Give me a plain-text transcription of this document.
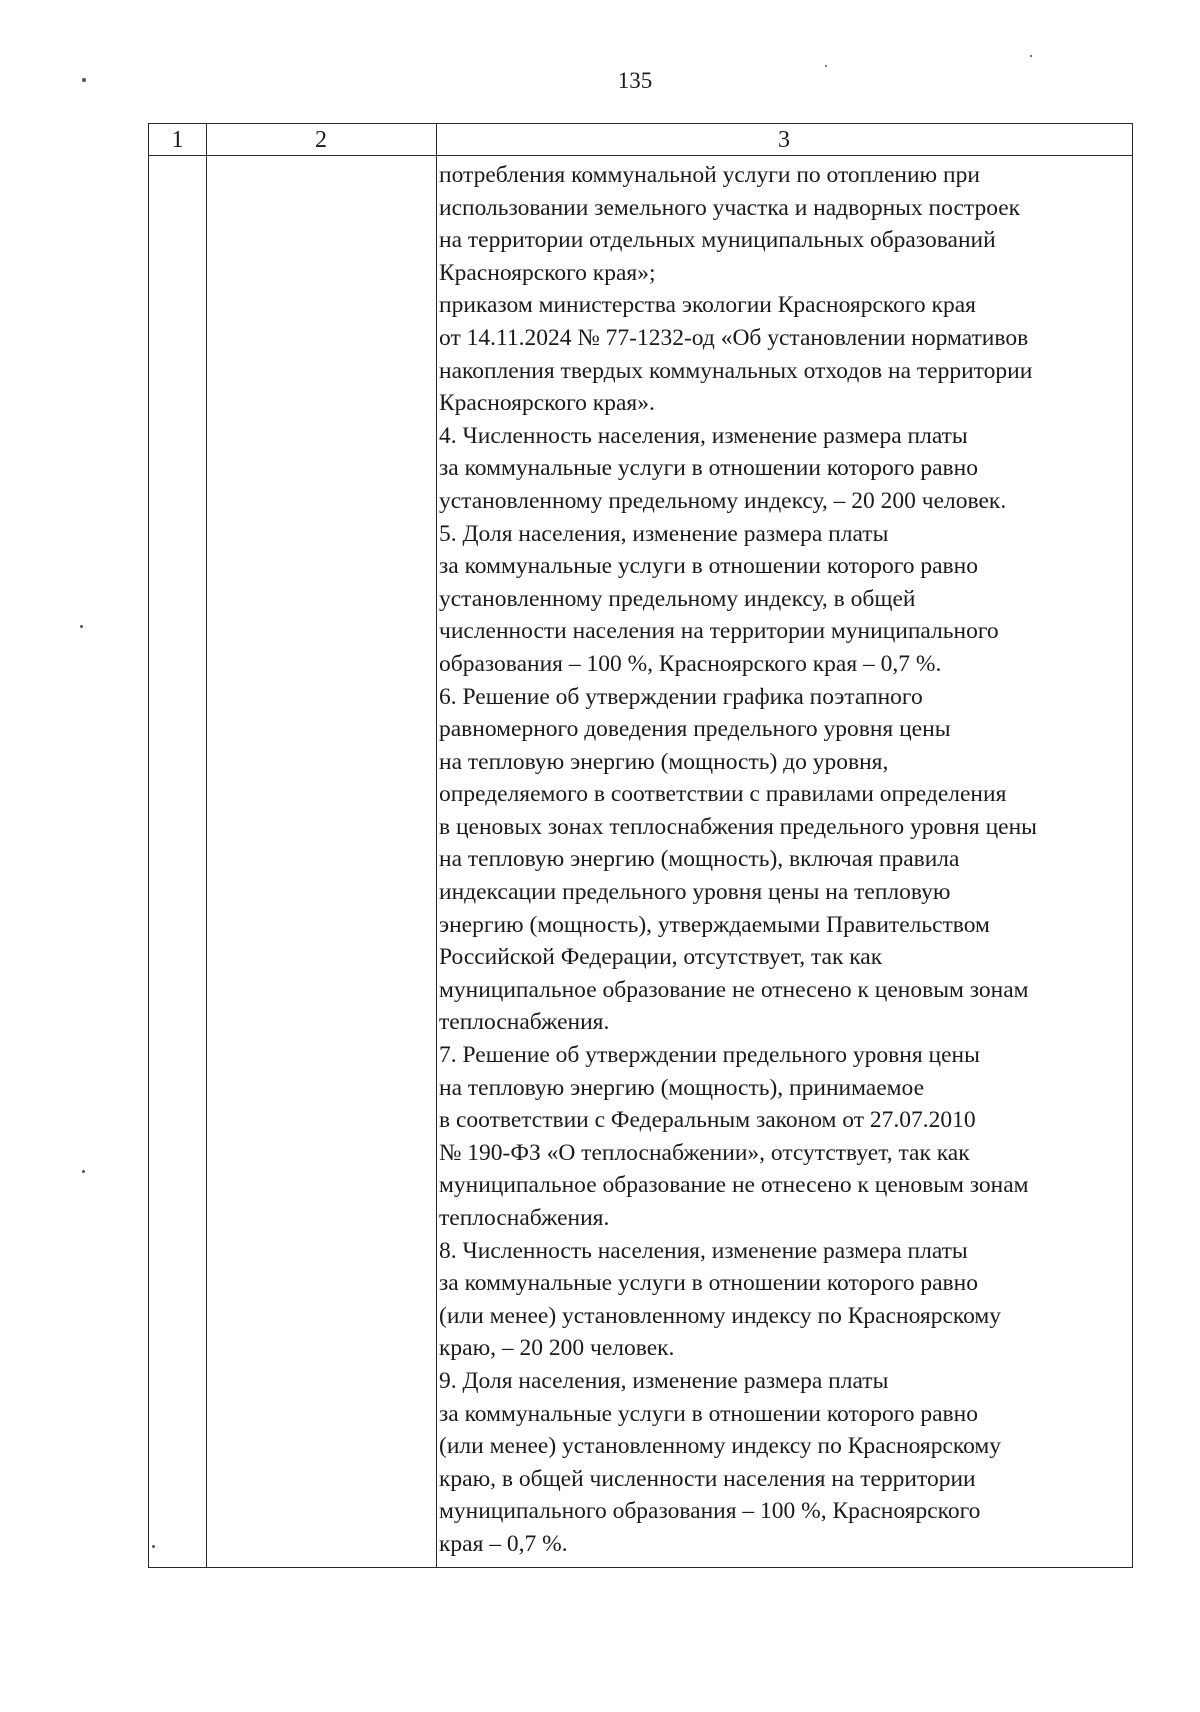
135
1	2	3
потребления коммунальной услуги по отоплению при
использовании земельного участка и надворных построек
на территории отдельных муниципальных образований
Красноярского края»;
приказом министерства экологии Красноярского края
от 14.11.2024 № 77-1232-од «Об установлении нормативов
накопления твердых коммунальных отходов на территории
Красноярского края».
4. Численность населения, изменение размера платы
за коммунальные услуги в отношении которого равно
установленному предельному индексу, – 20 200 человек.
5. Доля населения, изменение размера платы
за коммунальные услуги в отношении которого равно
установленному предельному индексу, в общей
численности населения на территории муниципального
образования – 100 %, Красноярского края – 0,7 %.
6. Решение об утверждении графика поэтапного
равномерного доведения предельного уровня цены
на тепловую энергию (мощность) до уровня,
определяемого в соответствии с правилами определения
в ценовых зонах теплоснабжения предельного уровня цены
на тепловую энергию (мощность), включая правила
индексации предельного уровня цены на тепловую
энергию (мощность), утверждаемыми Правительством
Российской Федерации, отсутствует, так как
муниципальное образование не отнесено к ценовым зонам
теплоснабжения.
7. Решение об утверждении предельного уровня цены
на тепловую энергию (мощность), принимаемое
в соответствии с Федеральным законом от 27.07.2010
№ 190-ФЗ «О теплоснабжении», отсутствует, так как
муниципальное образование не отнесено к ценовым зонам
теплоснабжения.
8. Численность населения, изменение размера платы
за коммунальные услуги в отношении которого равно
(или менее) установленному индексу по Красноярскому
краю, – 20 200 человек.
9. Доля населения, изменение размера платы
за коммунальные услуги в отношении которого равно
(или менее) установленному индексу по Красноярскому
краю, в общей численности населения на территории
муниципального образования – 100 %, Красноярского
края – 0,7 %.
